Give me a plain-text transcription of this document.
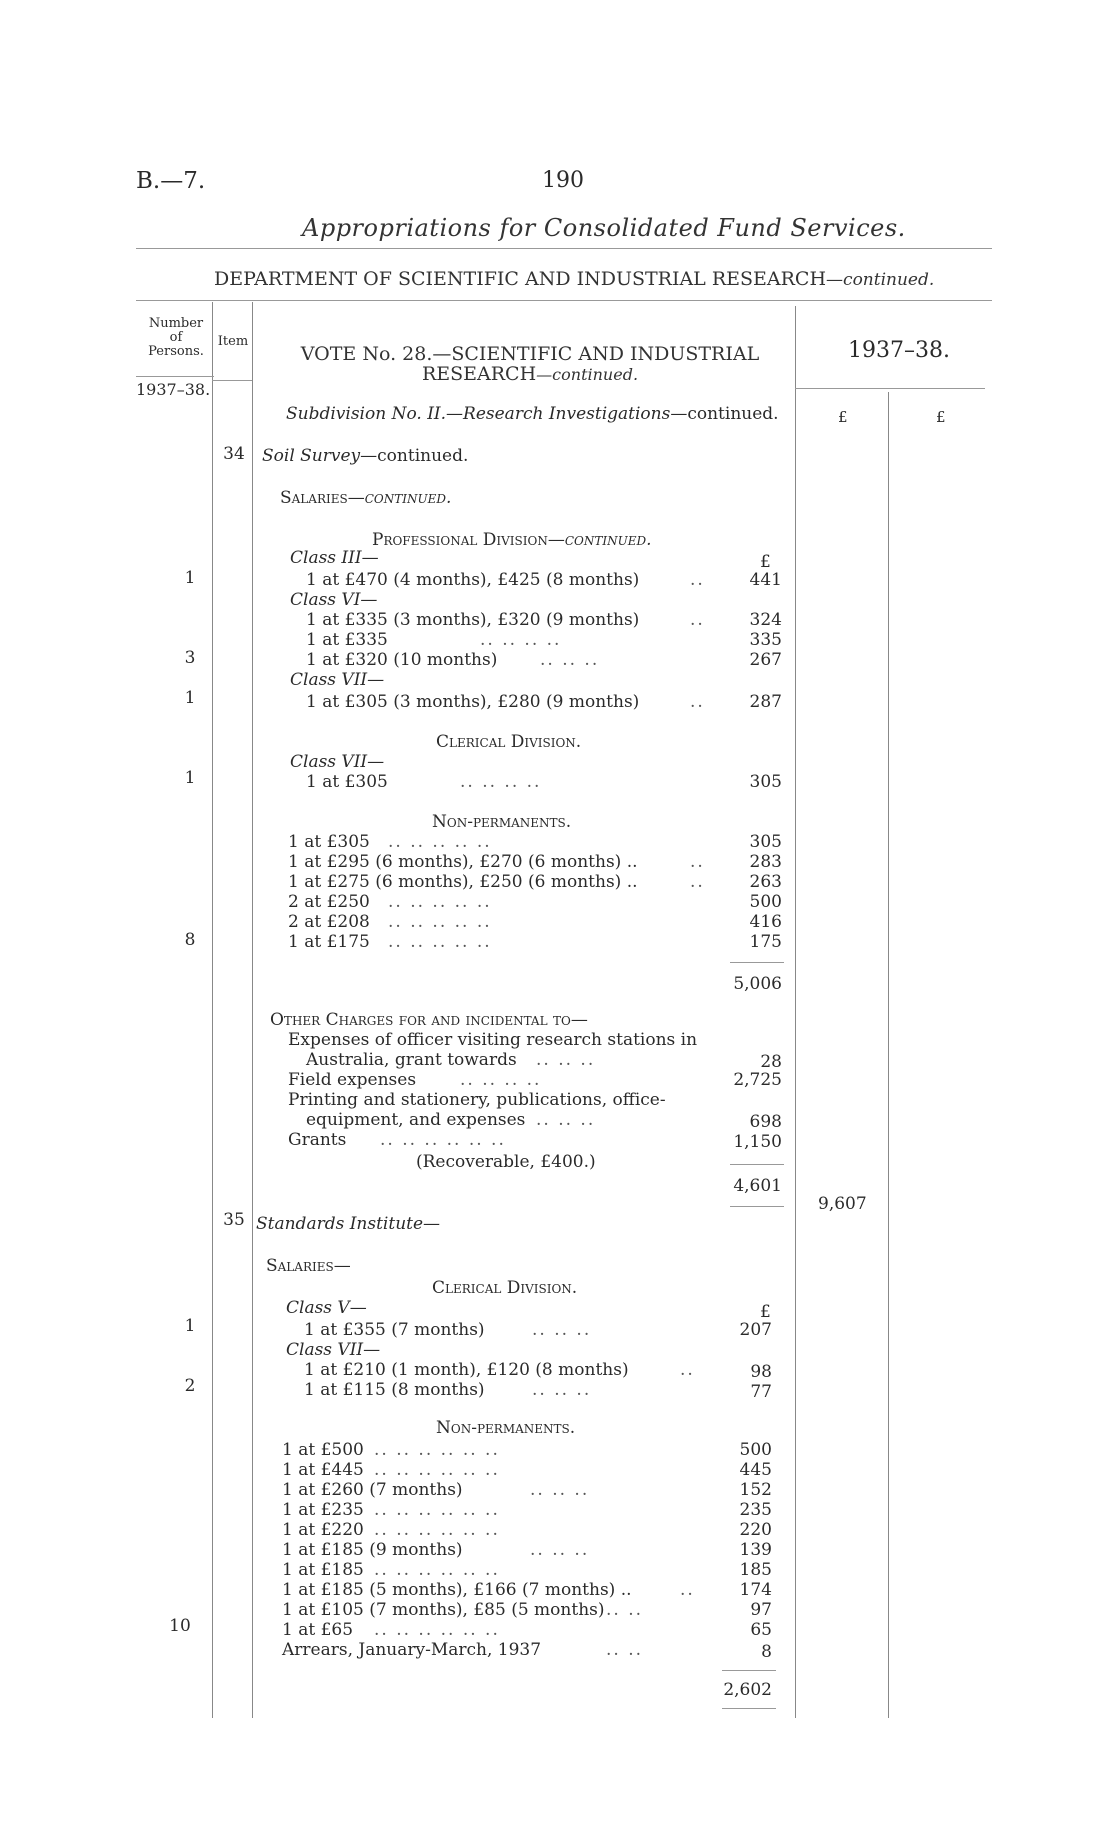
B.—7.	190
Appropriations for Consolidated Fund Services.
DEPARTMENT OF SCIENTIFIC AND INDUSTRIAL RESEARCH—continued.
Number
of
Persons.
1937–38.
Item
VOTE No. 28.—SCIENTIFIC AND INDUSTRIAL
RESEARCH—continued.
1937–38.
£	£
Subdivision No. II.—Research Investigations—continued.
34	Soil Survey—continued.
Salaries—continued.
Professional Division—continued.
£
Class III—
1	1 at £470 (4 months), £425 (8 months)	..	441
Class VI—
1 at £335 (3 months), £320 (9 months)	..	324
1 at £335	.. .. .. ..	335
3	1 at £320 (10 months)	.. .. ..	267
Class VII—
1	1 at £305 (3 months), £280 (9 months)	..	287
Clerical Division.
Class VII—
1	1 at £305	.. .. .. ..	305
Non-permanents.
1 at £305 .. .. .. .. ..	305
1 at £295 (6 months), £270 (6 months) ..	..	283
1 at £275 (6 months), £250 (6 months) ..	..	263
2 at £250 .. .. .. .. ..	500
2 at £208 .. .. .. .. ..	416
8	1 at £175 .. .. .. .. ..	175
5,006
Other Charges for and incidental to—
Expenses of officer visiting research stations in
Australia, grant towards .. .. ..	28
Field expenses	.. .. .. ..	2,725
Printing and stationery, publications, office-
equipment, and expenses .. .. ..	698
Grants .. .. .. .. .. ..	1,150
(Recoverable, £400.)
4,601
9,607
35 Standards Institute—
Salaries—
Clerical Division.
Class V—	£
1	1 at £355 (7 months)	.. .. ..	207
Class VII—
1 at £210 (1 month), £120 (8 months)	..	98
2	1 at £115 (8 months)	.. .. ..	77
Non-permanents.
1 at £500 .. .. .. .. .. ..	500
1 at £445 .. .. .. .. .. ..	445
1 at £260 (7 months)	.. .. ..	152
1 at £235 .. .. .. .. .. ..	235
1 at £220 .. .. .. .. .. ..	220
1 at £185 (9 months)	.. .. ..	139
1 at £185 .. .. .. .. .. ..	185
1 at £185 (5 months), £166 (7 months) ..	..	174
1 at £105 (7 months), £85 (5 months) .. ..	97
10	1 at £65 .. .. .. .. .. ..	65
Arrears, January-March, 1937	.. ..	8
2,602
